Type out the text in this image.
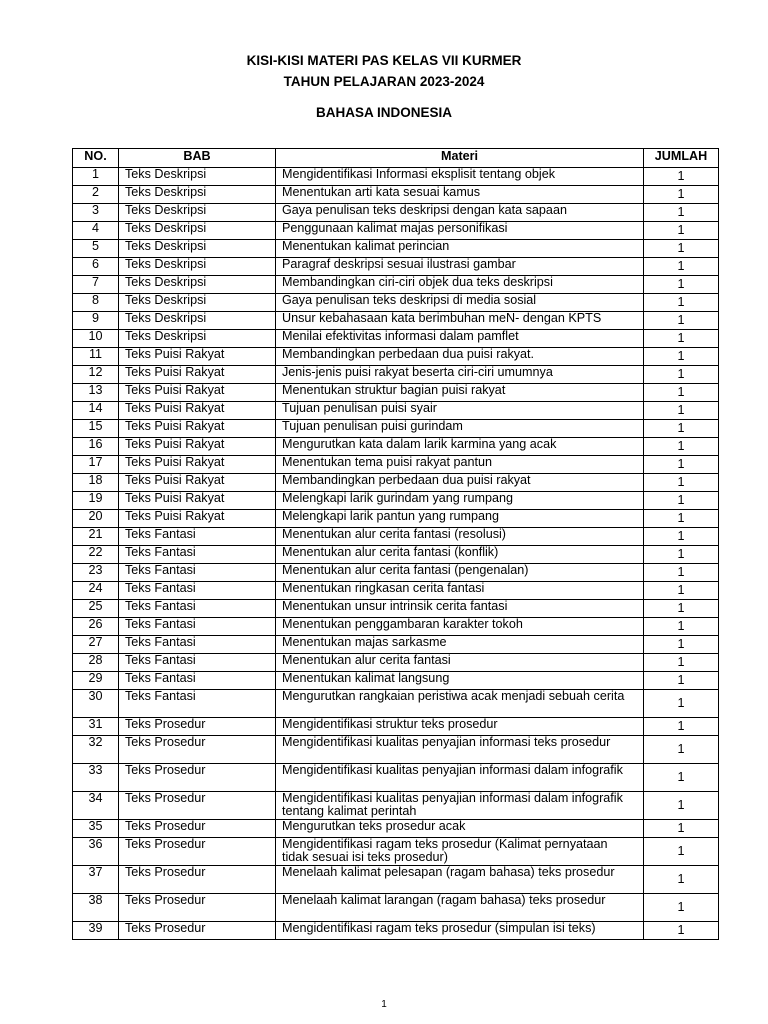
KISI-KISI MATERI PAS KELAS VII KURMER
TAHUN PELAJARAN 2023-2024
BAHASA INDONESIA
NO.	BAB	Materi	JUMLAH
1	Teks Deskripsi	Mengidentifikasi Informasi eksplisit tentang objek	1
2	Teks Deskripsi	Menentukan arti kata sesuai kamus	1
3	Teks Deskripsi	Gaya penulisan teks deskripsi dengan kata sapaan	1
4	Teks Deskripsi	Penggunaan kalimat majas personifikasi	1
5	Teks Deskripsi	Menentukan kalimat perincian	1
6	Teks Deskripsi	Paragraf deskripsi sesuai ilustrasi gambar	1
7	Teks Deskripsi	Membandingkan ciri-ciri objek dua teks deskripsi	1
8	Teks Deskripsi	Gaya penulisan teks deskripsi di media sosial	1
9	Teks Deskripsi	Unsur kebahasaan kata berimbuhan meN- dengan KPTS	1
10	Teks Deskripsi	Menilai efektivitas informasi dalam pamflet	1
11	Teks Puisi Rakyat	Membandingkan perbedaan dua puisi rakyat.	1
12	Teks Puisi Rakyat	Jenis-jenis puisi rakyat beserta ciri-ciri umumnya	1
13	Teks Puisi Rakyat	Menentukan struktur bagian puisi rakyat	1
14	Teks Puisi Rakyat	Tujuan penulisan puisi syair	1
15	Teks Puisi Rakyat	Tujuan penulisan puisi gurindam	1
16	Teks Puisi Rakyat	Mengurutkan kata dalam larik karmina yang acak	1
17	Teks Puisi Rakyat	Menentukan tema puisi rakyat pantun	1
18	Teks Puisi Rakyat	Membandingkan perbedaan dua puisi rakyat	1
19	Teks Puisi Rakyat	Melengkapi larik gurindam yang rumpang	1
20	Teks Puisi Rakyat	Melengkapi larik pantun yang rumpang	1
21	Teks Fantasi	Menentukan alur cerita fantasi (resolusi)	1
22	Teks Fantasi	Menentukan alur cerita fantasi (konflik)	1
23	Teks Fantasi	Menentukan alur cerita fantasi (pengenalan)	1
24	Teks Fantasi	Menentukan ringkasan cerita fantasi	1
25	Teks Fantasi	Menentukan unsur intrinsik cerita fantasi	1
26	Teks Fantasi	Menentukan penggambaran karakter tokoh	1
27	Teks Fantasi	Menentukan majas sarkasme	1
28	Teks Fantasi	Menentukan alur cerita fantasi	1
29	Teks Fantasi	Menentukan kalimat langsung	1
30	Teks Fantasi	Mengurutkan rangkaian peristiwa acak menjadi sebuah cerita	1
31	Teks Prosedur	Mengidentifikasi struktur teks prosedur	1
32	Teks Prosedur	Mengidentifikasi kualitas penyajian informasi teks prosedur	1
33	Teks Prosedur	Mengidentifikasi kualitas penyajian informasi dalam infografik	1
34	Teks Prosedur	Mengidentifikasi kualitas penyajian informasi dalam infografik tentang kalimat perintah	1
35	Teks Prosedur	Mengurutkan teks prosedur acak	1
36	Teks Prosedur	Mengidentifikasi ragam teks prosedur (Kalimat pernyataan tidak sesuai isi teks prosedur)	1
37	Teks Prosedur	Menelaah kalimat pelesapan (ragam bahasa) teks prosedur	1
38	Teks Prosedur	Menelaah kalimat larangan (ragam bahasa) teks prosedur	1
39	Teks Prosedur	Mengidentifikasi ragam teks prosedur (simpulan isi teks)	1
1
